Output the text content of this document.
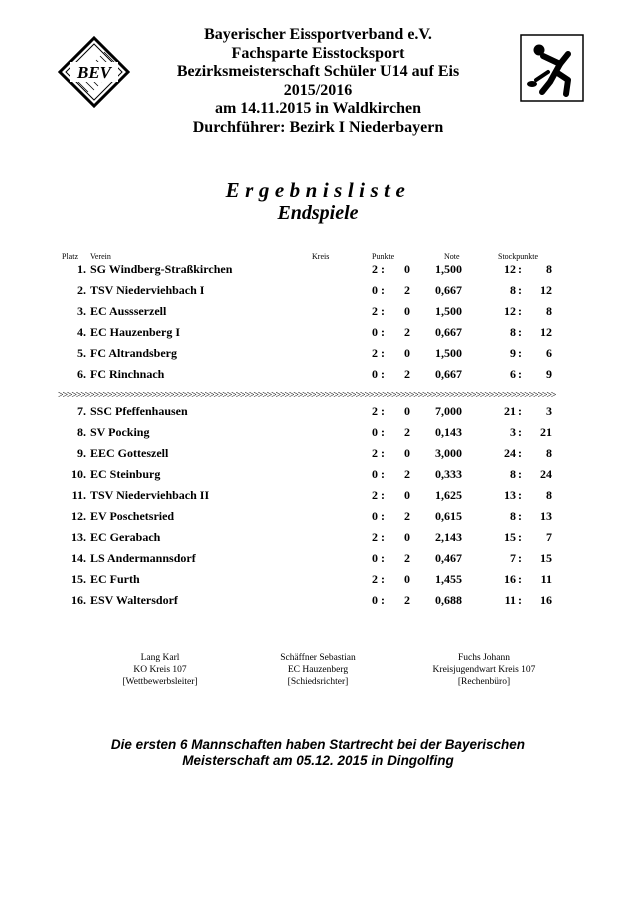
BEV
Bayerischer Eissportverband e.V.
Fachsparte Eisstocksport
Bezirksmeisterschaft Schüler U14 auf Eis
2015/2016
am 14.11.2015 in Waldkirchen
Durchführer: Bezirk I Niederbayern
Ergebnisliste
Endspiele
Platz Verein	Kreis	Punkte	Note	Stockpunkte
1. SG Windberg-Straßkirchen	2 :	0	1,500	12 :	8
2. TSV Niederviehbach I	0 :	2	0,667	8 :	12
3. EC Aussserzell	2 :	0	1,500	12 :	8
4. EC Hauzenberg I	0 :	2	0,667	8 :	12
5. FC Altrandsberg	2 :	0	1,500	9 :	6
6. FC Rinchnach	0 :	2	0,667	6 :	9
7. SSC Pfeffenhausen	2 :	0	7,000	21 :	3
8. SV Pocking	0 :	2	0,143	3 :	21
9. EEC Gotteszell	2 :	0	3,000	24 :	8
10. EC Steinburg	0 :	2	0,333	8 :	24
11. TSV Niederviehbach II	2 :	0	1,625	13 :	8
12. EV Poschetsried	0 :	2	0,615	8 :	13
13. EC Gerabach	2 :	0	2,143	15 :	7
14. LS Andermannsdorf	0 :	2	0,467	7 :	15
15. EC Furth	2 :	0	1,455	16 :	11
16. ESV Waltersdorf	0 :	2	0,688	11 :	16
>>>>>>>>>>>>>>>>>>>>>>>>>>>>>>>>>>>>>>>>>>>>>>>>>>>>>>>>>>>>>>>>>>>>>>>>>>>>>>>>>>>>>>>>>>>>>>>>>>>>>>>>>>>>>>>>
Lang Karl
KO Kreis 107
[Wettbewerbsleiter]
Schäffner Sebastian
EC Hauzenberg
[Schiedsrichter]
Fuchs Johann
Kreisjugendwart Kreis 107
[Rechenbüro]
Die ersten 6 Mannschaften haben Startrecht bei der Bayerischen
Meisterschaft am 05.12. 2015 in Dingolfing
